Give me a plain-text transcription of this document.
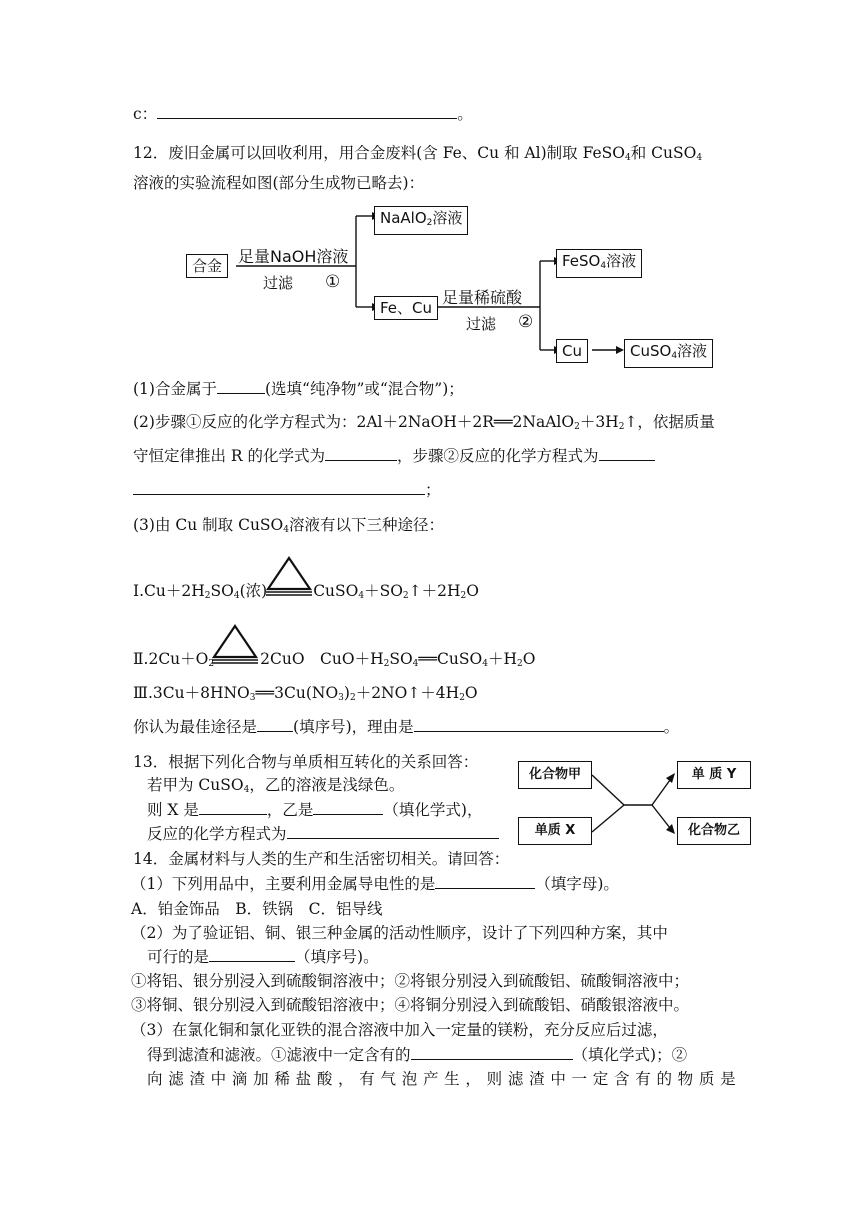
c：	。
12．废旧金属可以回收利用，用合金废料(含 Fe、Cu 和 Al)制取 FeSO$_4$和 CuSO$_4$
溶液的实验流程如图(部分生成物已略去)：
合金
NaAlO$_2$溶液
Fe、Cu
FeSO$_4$溶液
Cu	CuSO$_4$溶液
足量NaOH溶液
过滤 ①
足量稀硫酸
过滤 ②
(1)合金属于	(选填“纯净物”或“混合物”)；
(2)步骤①反应的化学方程式为：$2Al+2NaOH+2R══2NaAlO_2+3H_2↑$，依据质量
守恒定律推出 R 的化学式为	，步骤②反应的化学方程式为
；
(3)由 Cu 制取 CuSO$_4$溶液有以下三种途径：
$Ⅰ.Cu+2H_2SO_4$(浓)	$CuSO_4+SO_2↑+2H_2O$
$Ⅱ.2Cu+O_2$	2CuO　$CuO+H_2SO_4══CuSO_4+H_2O$
$Ⅲ.3Cu+8HNO_3══3Cu(NO_3)_2+2NO↑+4H_2O$
你认为最佳途径是 (填序号)，理由是	。
13．根据下列化合物与单质相互转化的关系回答：
若甲为 CuSO$_4$，乙的溶液是浅绿色。
则 X 是	，乙是	（填化学式)，
反应的化学方程式为
化合物甲
单质 X
单 质 Y
化合物乙
14．金属材料与人类的生产和生活密切相关。请回答：
（1）下列用品中，主要利用金属导电性的是	（填字母)。
A．铂金饰品　B．铁锅　C．铝导线
（2）为了验证铝、铜、银三种金属的活动性顺序，设计了下列四种方案，其中
可行的是	（填序号)。
①将铝、银分别浸入到硫酸铜溶液中；②将银分别浸入到硫酸铝、硫酸铜溶液中；
③将铜、银分别浸入到硫酸铝溶液中；④将铜分别浸入到硫酸铝、硝酸银溶液中。
（3）在氯化铜和氯化亚铁的混合溶液中加入一定量的镁粉，充分反应后过滤，
得到滤渣和滤液。①滤液中一定含有的	（填化学式)；②
向 滤 渣 中 滴 加 稀 盐 酸 ， 有 气 泡 产 生 ， 则 滤 渣 中 一 定 含 有 的 物 质 是
